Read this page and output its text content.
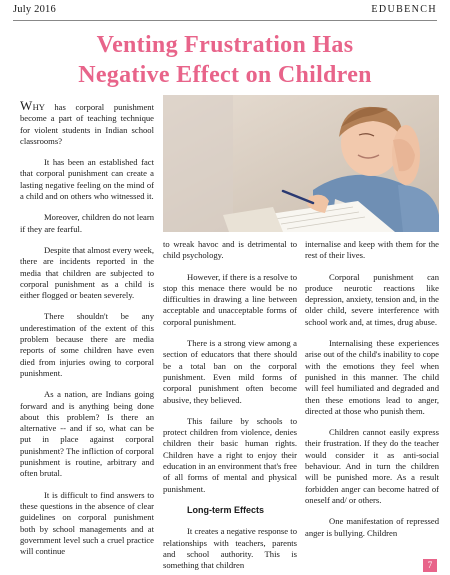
July 2016	EDUBENCH
Venting Frustration Has
Negative Effect on Children

WHY has corporal punishment become a part of teaching technique for violent students in Indian school classrooms?

It has been an established fact that corporal punishment can create a lasting negative feeling on the mind of a child and on others who witnessed it.

Moreover, children do not learn if they are fearful.

Despite that almost every week, there are incidents reported in the media that children are subjected to corporal punishment as a child is either flogged or beaten severely.

There shouldn't be any underestimation of the extent of this problem because there are media reports of some children have even died from injuries owing to corporal punishment.

As a nation, are Indians going forward and is anything being done about this problem? Is there an alternative -- and if so, what can be put in place against corporal punishment? The infliction of corporal punishment is routine, arbitrary and often brutal.

It is difficult to find answers to these questions in the absence of clear guidelines on corporal punishment both by school managements and at government level such a cruel practice will continue

to wreak havoc and is detrimental to child psychology.

However, if there is a resolve to stop this menace there would be no difficulties in drawing a line between acceptable and unacceptable forms of corporal punishment.

There is a strong view among a section of educators that there should be a total ban on the corporal punishment. Even mild forms of corporal punishment often become abusive, they believed.

This failure by schools to protect children from violence, denies children their basic human rights. Children have a right to enjoy their education in an environment that's free of all forms of mental and physical punishment.

Long-term Effects

It creates a negative response to relationships with teachers, parents and school authority. This is something that children

internalise and keep with them for the rest of their lives.

Corporal punishment can produce neurotic reactions like depression, anxiety, tension and, in the older child, severe interference with school work and, at times, drug abuse.

Internalising these experiences arise out of the child's inability to cope with the emotions they feel when punished in this manner. The child will feel humiliated and degraded and then these emotions lead to anger, directed at those who punish them.

Children cannot easily express their frustration. If they do the teacher would consider it as anti-social behaviour. And in turn the children will be punished more. As a result forbidden anger can become hatred of oneself and/ or others.

One manifestation of repressed anger is bullying. Children

7
